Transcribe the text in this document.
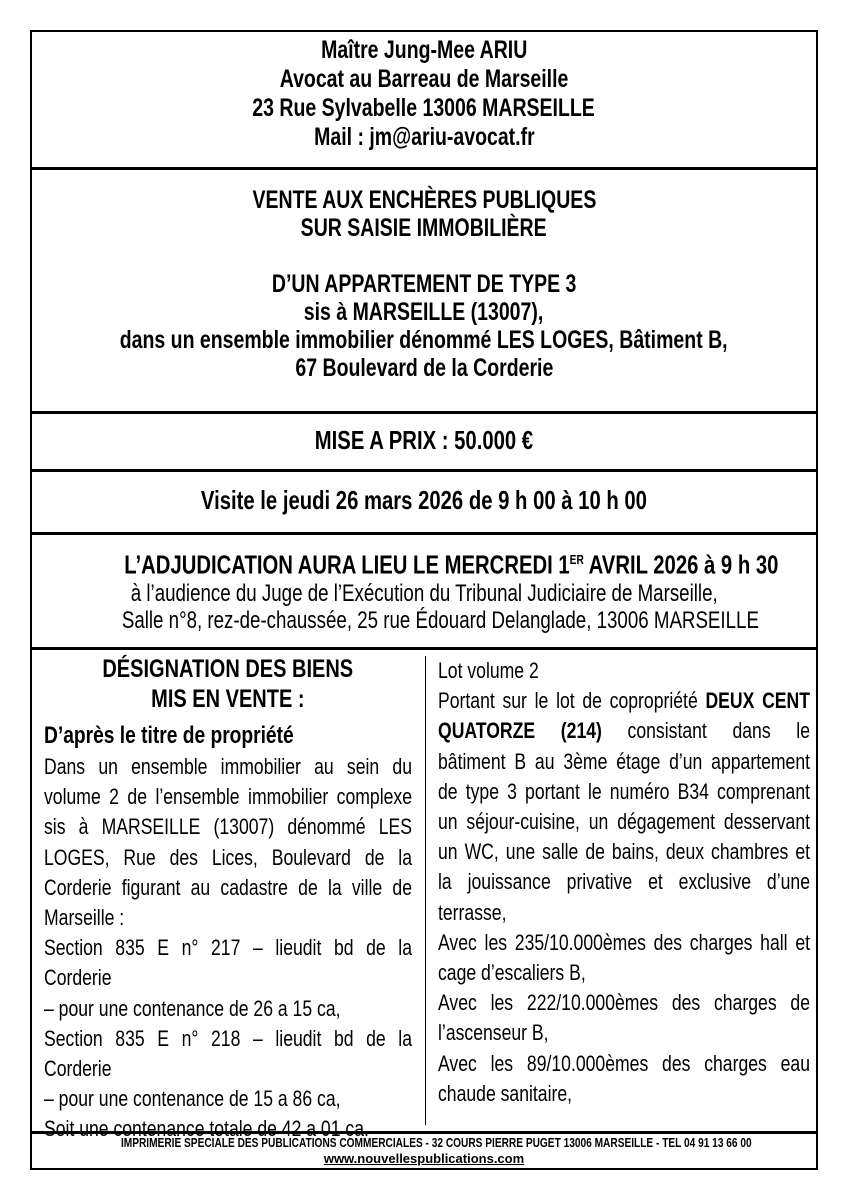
Maître Jung-Mee ARIU
Avocat au Barreau de Marseille
23 Rue Sylvabelle 13006 MARSEILLE
Mail : jm@ariu-avocat.fr
VENTE AUX ENCHÈRES PUBLIQUES
SUR SAISIE IMMOBILIÈRE
D’UN APPARTEMENT DE TYPE 3
sis à MARSEILLE (13007),
dans un ensemble immobilier dénommé LES LOGES, Bâtiment B,
67 Boulevard de la Corderie
MISE A PRIX : 50.000 €
Visite le jeudi 26 mars 2026 de 9 h 00 à 10 h 00
L’ADJUDICATION AURA LIEU LE MERCREDI 1ER AVRIL 2026 à 9 h 30
à l’audience du Juge de l’Exécution du Tribunal Judiciaire de Marseille,
Salle n°8, rez-de-chaussée, 25 rue Édouard Delanglade, 13006 MARSEILLE
DÉSIGNATION DES BIENS
MIS EN VENTE :
D’après le titre de propriété
Dans un ensemble immobilier au sein du
volume 2 de l’ensemble immobilier complexe
sis à MARSEILLE (13007) dénommé LES
LOGES, Rue des Lices, Boulevard de la
Corderie figurant au cadastre de la ville de
Marseille :
Section 835 E n° 217 – lieudit bd de la Corderie
– pour une contenance de 26 a 15 ca,
Section 835 E n° 218 – lieudit bd de la Corderie
– pour une contenance de 15 a 86 ca,
Soit une contenance totale de 42 a 01 ca.
Lot volume 2
Portant sur le lot de copropriété DEUX CENT
QUATORZE (214) consistant dans le
bâtiment B au 3ème étage d’un appartement
de type 3 portant le numéro B34 comprenant
un séjour-cuisine, un dégagement desservant
un WC, une salle de bains, deux chambres et
la jouissance privative et exclusive d’une
terrasse,
Avec les 235/10.000èmes des charges hall et
cage d’escaliers B,
Avec les 222/10.000èmes des charges de
l’ascenseur B,
Avec les 89/10.000èmes des charges eau
chaude sanitaire,
IMPRIMERIE SPECIALE DES PUBLICATIONS COMMERCIALES - 32 COURS PIERRE PUGET 13006 MARSEILLE - TEL 04 91 13 66 00
www.nouvellespublications.com
